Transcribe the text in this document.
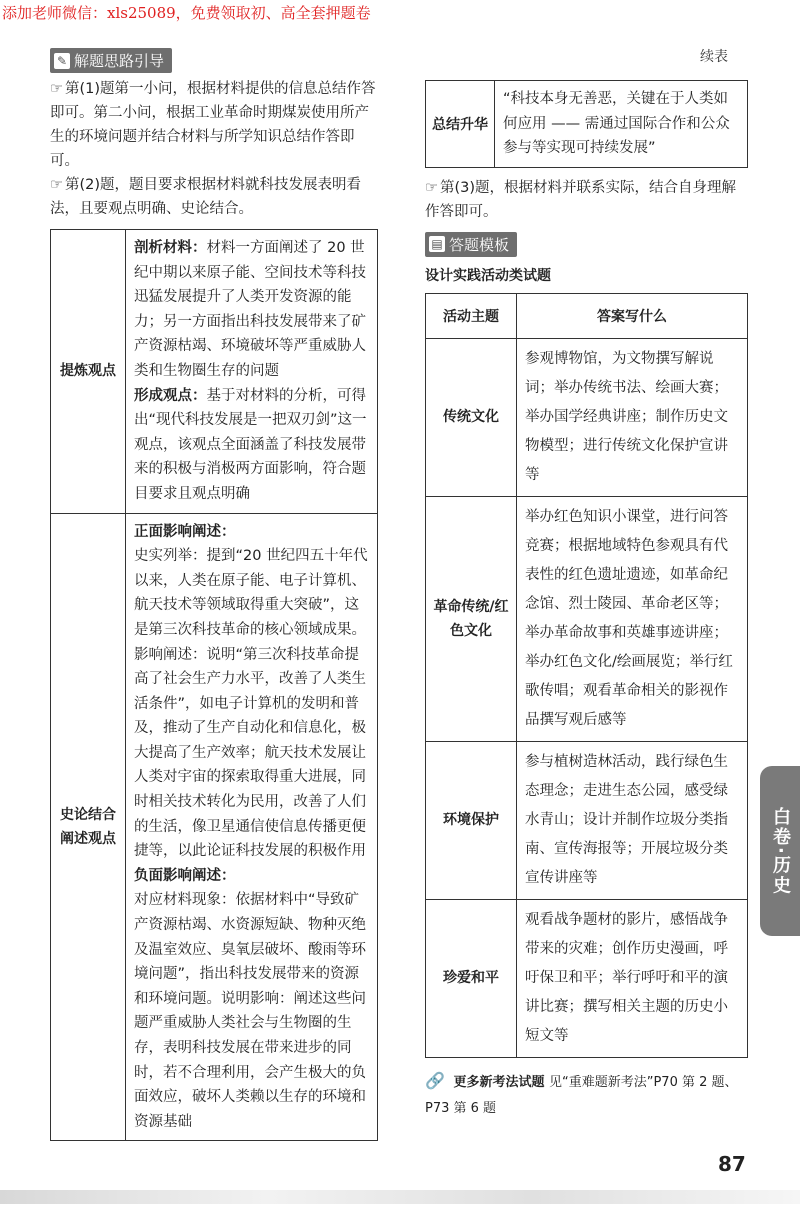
添加老师微信：xls25089，免费领取初、高全套押题卷
续表
✎ 解题思路引导

☞ 第(1)题第一小问，根据材料提供的信息总结作答即可。第二小问，根据工业革命时期煤炭使用所产生的环境问题并结合材料与所学知识总结作答即可。

☞ 第(2)题，题目要求根据材料就科技发展表明看法，且要观点明确、史论结合。

提炼观点	剖析材料：材料一方面阐述了 20 世纪中期以来原子能、空间技术等科技迅猛发展提升了人类开发资源的能力；另一方面指出科技发展带来了矿产资源枯竭、环境破坏等严重威胁人类和生物圈生存的问题
形成观点：基于对材料的分析，可得出“现代科技发展是一把双刃剑”这一观点，该观点全面涵盖了科技发展带来的积极与消极两方面影响，符合题目要求且观点明确
史论结合阐述观点	正面影响阐述：
史实列举：提到“20 世纪四五十年代以来，人类在原子能、电子计算机、航天技术等领域取得重大突破”，这是第三次科技革命的核心领域成果。影响阐述：说明“第三次科技革命提高了社会生产力水平，改善了人类生活条件”，如电子计算机的发明和普及，推动了生产自动化和信息化，极大提高了生产效率；航天技术发展让人类对宇宙的探索取得重大进展，同时相关技术转化为民用，改善了人们的生活，像卫星通信使信息传播更便捷等，以此论证科技发展的积极作用
负面影响阐述：
对应材料现象：依据材料中“导致矿产资源枯竭、水资源短缺、物种灭绝及温室效应、臭氧层破坏、酸雨等环境问题”，指出科技发展带来的资源和环境问题。说明影响：阐述这些问题严重威胁人类社会与生物圈的生存，表明科技发展在带来进步的同时，若不合理利用，会产生极大的负面效应，破坏人类赖以生存的环境和资源基础
总结升华	“科技本身无善恶，关键在于人类如何应用 —— 需通过国际合作和公众参与等实现可持续发展”

☞ 第(3)题，根据材料并联系实际，结合自身理解作答即可。

▤ 答题模板
设计实践活动类试题
活动主题	答案写什么
传统文化	参观博物馆，为文物撰写解说词；举办传统书法、绘画大赛；举办国学经典讲座；制作历史文物模型；进行传统文化保护宣讲等
革命传统/红色文化	举办红色知识小课堂，进行问答竞赛；根据地域特色参观具有代表性的红色遗址遗迹，如革命纪念馆、烈士陵园、革命老区等；举办革命故事和英雄事迹讲座；举办红色文化/绘画展览；举行红歌传唱；观看革命相关的影视作品撰写观后感等
环境保护	参与植树造林活动，践行绿色生态理念；走进生态公园，感受绿水青山；设计并制作垃圾分类指南、宣传海报等；开展垃圾分类宣传讲座等
珍爱和平	观看战争题材的影片，感悟战争带来的灾难；创作历史漫画，呼吁保卫和平；举行呼吁和平的演讲比赛；撰写相关主题的历史小短文等
🔗 更多新考法试题 见“重难题新考法”P70 第 2 题、P73 第 6 题
白卷·历史
87
